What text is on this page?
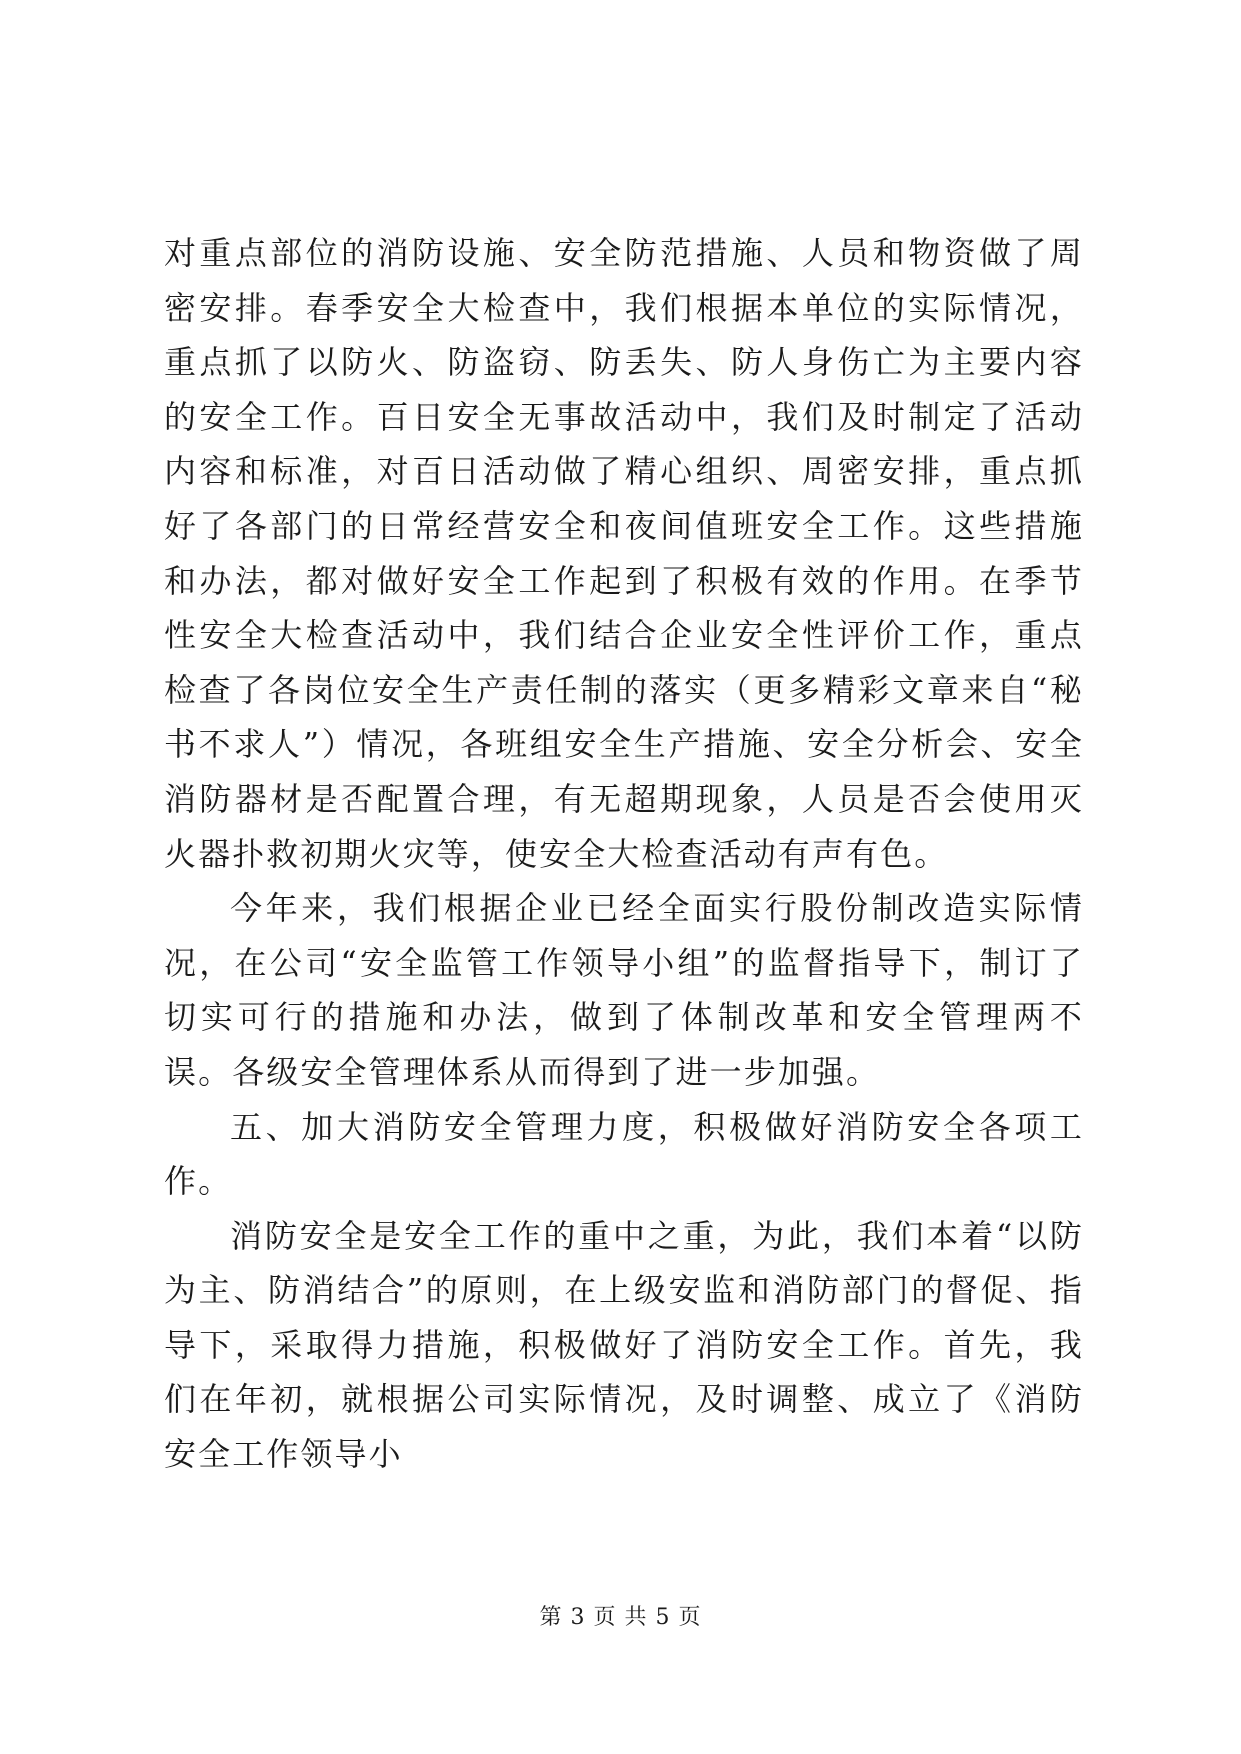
对重点部位的消防设施、安全防范措施、人员和物资做了周密安排。春季安全大检查中，我们根据本单位的实际情况，重点抓了以防火、防盗窃、防丢失、防人身伤亡为主要内容的安全工作。百日安全无事故活动中，我们及时制定了活动内容和标准，对百日活动做了精心组织、周密安排，重点抓好了各部门的日常经营安全和夜间值班安全工作。这些措施和办法，都对做好安全工作起到了积极有效的作用。在季节性安全大检查活动中，我们结合企业安全性评价工作，重点检查了各岗位安全生产责任制的落实（更多精彩文章来自“秘书不求人”）情况，各班组安全生产措施、安全分析会、安全消防器材是否配置合理，有无超期现象，人员是否会使用灭火器扑救初期火灾等，使安全大检查活动有声有色。

今年来，我们根据企业已经全面实行股份制改造实际情况，在公司“安全监管工作领导小组”的监督指导下，制订了切实可行的措施和办法，做到了体制改革和安全管理两不误。各级安全管理体系从而得到了进一步加强。

五、加大消防安全管理力度，积极做好消防安全各项工作。

消防安全是安全工作的重中之重，为此，我们本着“以防为主、防消结合”的原则，在上级安监和消防部门的督促、指导下，采取得力措施，积极做好了消防安全工作。首先，我们在年初，就根据公司实际情况，及时调整、成立了《消防安全工作领导小

第 3 页 共 5 页
